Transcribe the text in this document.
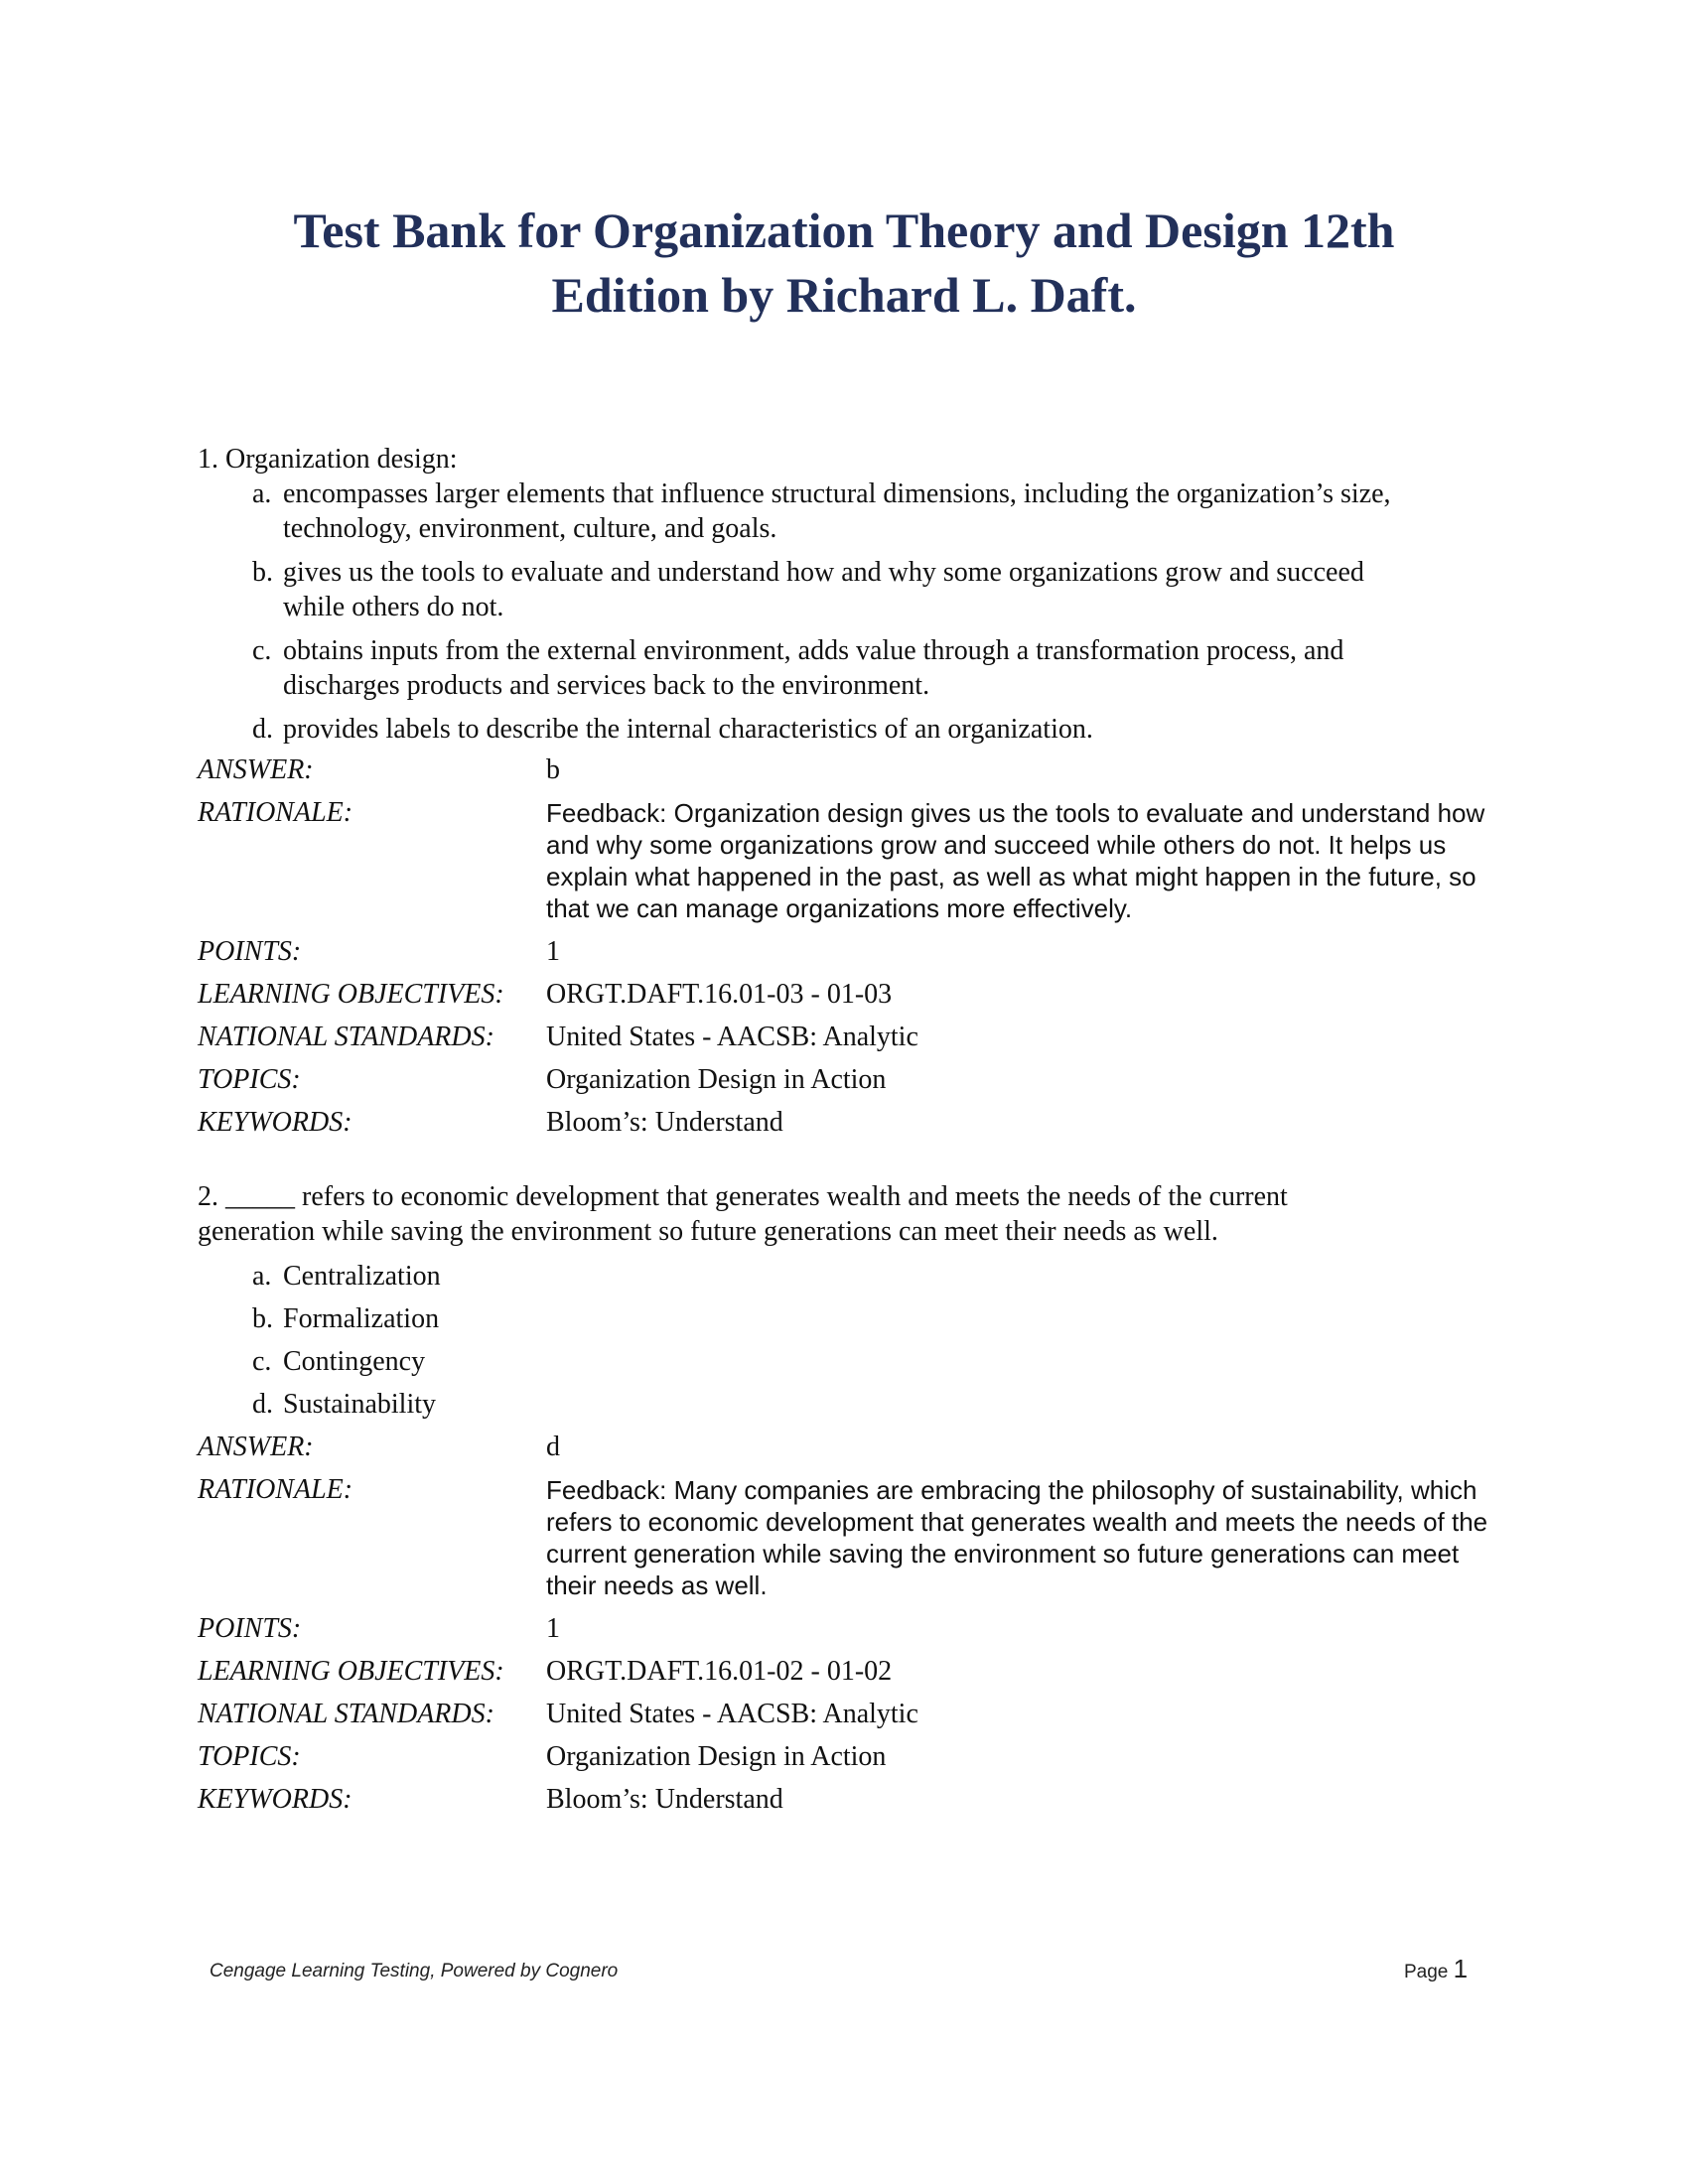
Test Bank for Organization Theory and Design 12th
Edition by Richard L. Daft.

1. Organization design:

a. encompasses larger elements that influence structural dimensions, including the organization’s size, technology, environment, culture, and goals.
b. gives us the tools to evaluate and understand how and why some organizations grow and succeed while others do not.
c. obtains inputs from the external environment, adds value through a transformation process, and discharges products and services back to the environment.
d. provides labels to describe the internal characteristics of an organization.
ANSWER:	b
RATIONALE:	Feedback: Organization design gives us the tools to evaluate and understand how and why some organizations grow and succeed while others do not. It helps us explain what happened in the past, as well as what might happen in the future, so that we can manage organizations more effectively.
POINTS:	1
LEARNING OBJECTIVES: ORGT.DAFT.16.01-03 - 01-03
NATIONAL STANDARDS: United States - AACSB: Analytic
TOPICS:	Organization Design in Action
KEYWORDS:	Bloom’s: Understand

2. _____ refers to economic development that generates wealth and meets the needs of the current generation while saving the environment so future generations can meet their needs as well.

a. Centralization
b. Formalization
c. Contingency
d. Sustainability
ANSWER:	d
RATIONALE:	Feedback: Many companies are embracing the philosophy of sustainability, which refers to economic development that generates wealth and meets the needs of the current generation while saving the environment so future generations can meet their needs as well.
POINTS:	1
LEARNING OBJECTIVES: ORGT.DAFT.16.01-02 - 01-02
NATIONAL STANDARDS: United States - AACSB: Analytic
TOPICS:	Organization Design in Action
KEYWORDS:	Bloom’s: Understand
Cengage Learning Testing, Powered by Cognero	Page 1
